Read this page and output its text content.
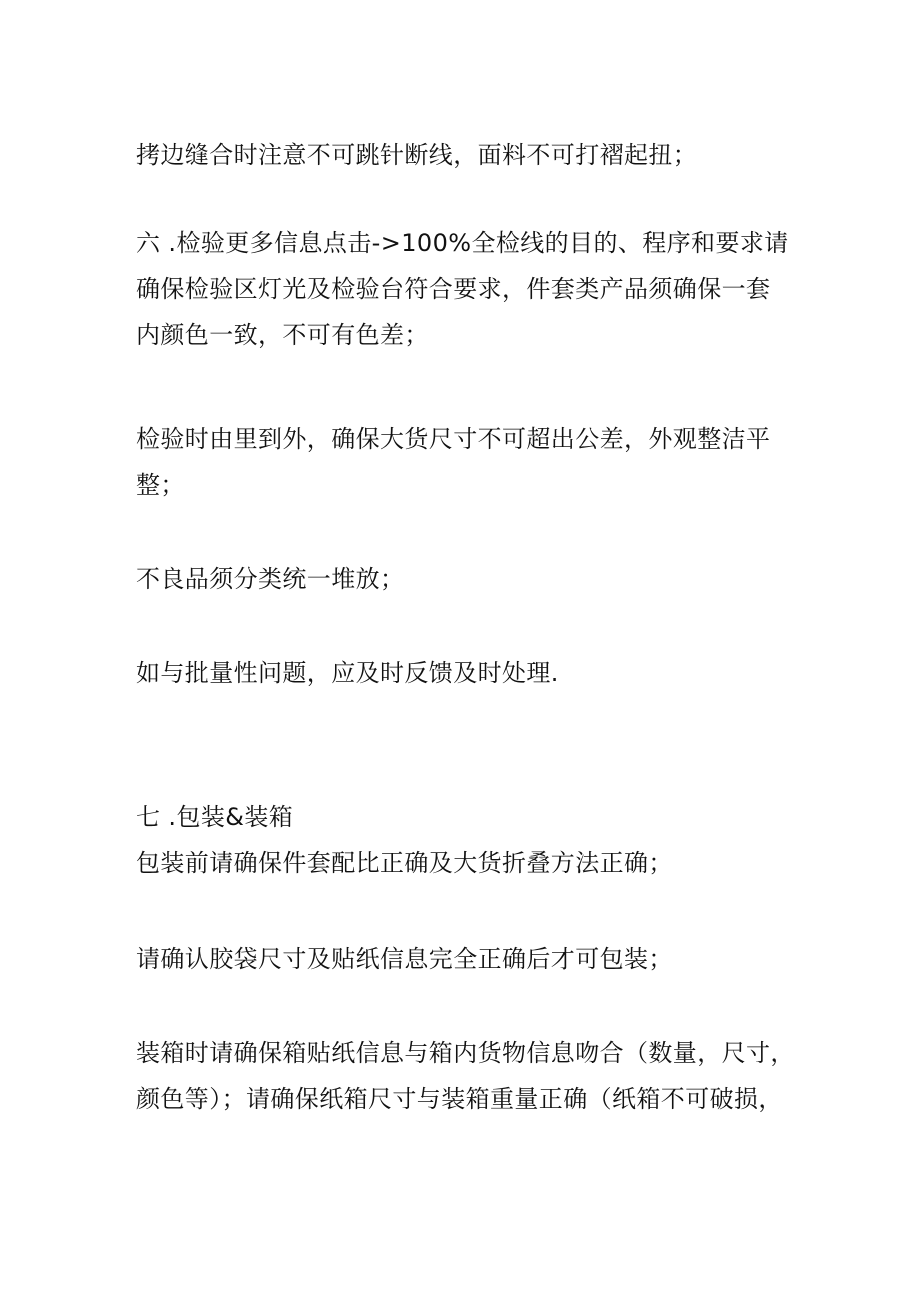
拷边缝合时注意不可跳针断线，面料不可打褶起扭；

六 .检验更多信息点击->100%全检线的目的、程序和要求请
确保检验区灯光及检验台符合要求，件套类产品须确保一套
内颜色一致，不可有色差；

检验时由里到外，确保大货尺寸不可超出公差，外观整洁平
整；

不良品须分类统一堆放；

如与批量性问题，应及时反馈及时处理.

七 .包装&装箱
包装前请确保件套配比正确及大货折叠方法正确；

请确认胶袋尺寸及贴纸信息完全正确后才可包装；

装箱时请确保箱贴纸信息与箱内货物信息吻合（数量，尺寸，
颜色等）；请确保纸箱尺寸与装箱重量正确（纸箱不可破损，
